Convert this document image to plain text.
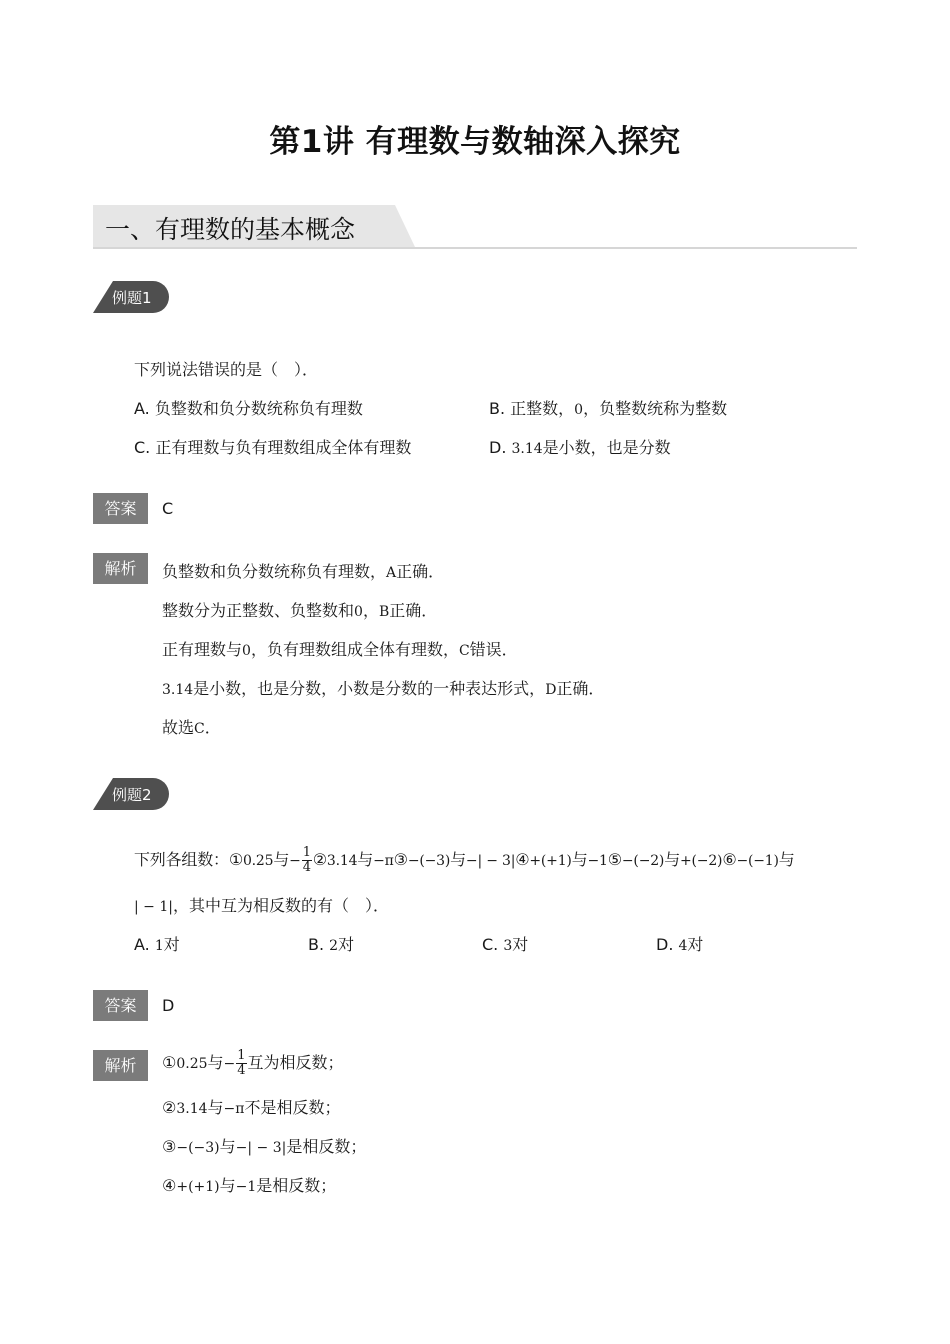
第1讲 有理数与数轴深入探究
一、有理数的基本概念
例题1
下列说法错误的是（　）．
A. 负整数和负分数统称负有理数	B. 正整数，0，负整数统称为整数
C. 正有理数与负有理数组成全体有理数	D. 3.14是小数，也是分数
答案	C
解析	负整数和负分数统称负有理数，A正确．
整数分为正整数、负整数和0，B正确．
正有理数与0，负有理数组成全体有理数，C错误．
3.14是小数，也是分数，小数是分数的一种表达形式，D正确．
故选C．
例题2
下列各组数：①0.25与− $\frac{1}{4}$ ②3.14与−π③−(−3)与−| − 3|④+(+1)与−1⑤−(−2)与+(−2)⑥−(−1)与
| − 1|，其中互为相反数的有（　）．
A. 1对	B. 2对	C. 3对	D. 4对
答案	D
解析	①0.25与− $\frac{1}{4}$ 互为相反数；
②3.14与−π不是相反数；
③−(−3)与−| − 3|是相反数；
④+(+1)与−1是相反数；
